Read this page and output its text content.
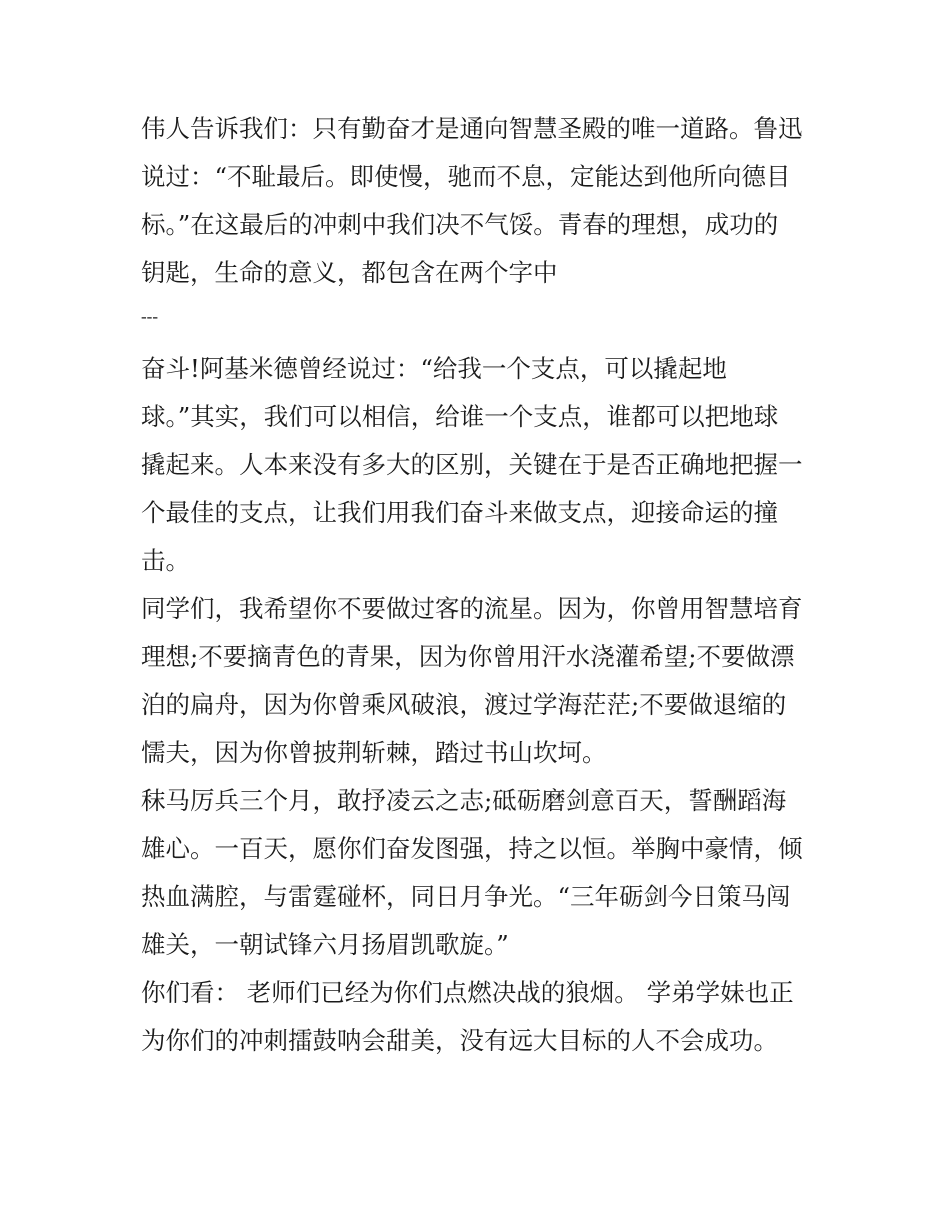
伟人告诉我们：只有勤奋才是通向智慧圣殿的唯一道路。鲁迅
说过：“不耻最后。即使慢，驰而不息，定能达到他所向德目
标。”在这最后的冲刺中我们决不气馁。青春的理想，成功的
钥匙，生命的意义，都包含在两个字中
---
奋斗!阿基米德曾经说过：“给我一个支点，可以撬起地
球。”其实，我们可以相信，给谁一个支点，谁都可以把地球
撬起来。人本来没有多大的区别，关键在于是否正确地把握一
个最佳的支点，让我们用我们奋斗来做支点，迎接命运的撞
击。
同学们，我希望你不要做过客的流星。因为，你曾用智慧培育
理想;不要摘青色的青果，因为你曾用汗水浇灌希望;不要做漂
泊的扁舟，因为你曾乘风破浪，渡过学海茫茫;不要做退缩的
懦夫，因为你曾披荆斩棘，踏过书山坎坷。
秣马厉兵三个月，敢抒凌云之志;砥砺磨剑意百天，誓酬蹈海
雄心。一百天，愿你们奋发图强，持之以恒。举胸中豪情，倾
热血满腔，与雷霆碰杯，同日月争光。“三年砺剑今日策马闯
雄关，一朝试锋六月扬眉凯歌旋。”
你们看： 老师们已经为你们点燃决战的狼烟。 学弟学妹也正
为你们的冲刺擂鼓呐会甜美，没有远大目标的人不会成功。
